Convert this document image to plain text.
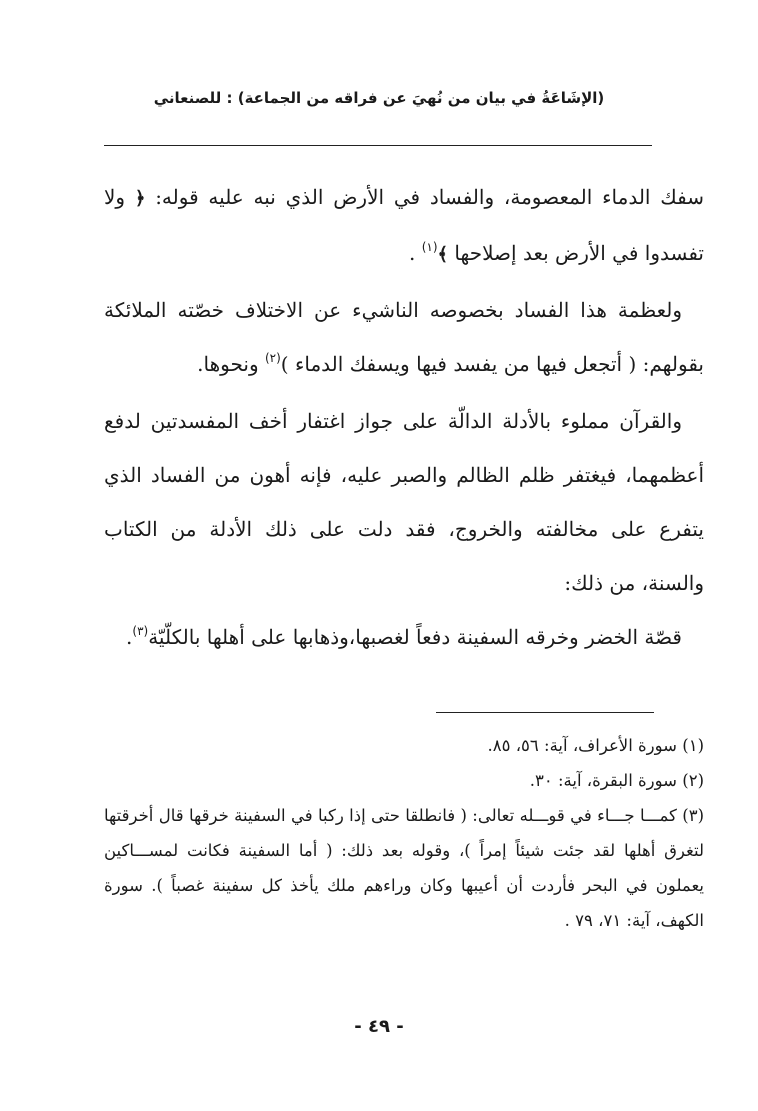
(الإشَاعَةُ في بيان من نُهيَ عن فراقه من الجماعة) : للصنعاني

سفك الدماء المعصومة، والفساد في الأرض الذي نبه عليه قوله: ﴿ ولا تفسدوا في الأرض بعد إصلاحها ﴾$^{(١)}$ .

ولعظمة هذا الفساد بخصوصه الناشيء عن الاختلاف خصّته الملائكة بقولهم: ( أتجعل فيها من يفسد فيها ويسفك الدماء )$^{(٢)}$ ونحوها.

والقرآن مملوء بالأدلة الدالّة على جواز اغتفار أخف المفسدتين لدفع أعظمهما، فيغتفر ظلم الظالم والصبر عليه، فإنه أهون من الفساد الذي يتفرع على مخالفته والخروج، فقد دلت على ذلك الأدلة من الكتاب والسنة، من ذلك:

قصّة الخضر وخرقه السفينة دفعاً لغصبها،وذهابها على أهلها بالكلّيّة$^{(٣)}$.

(١) سورة الأعراف، آية: ٥٦، ٨٥.

(٢) سورة البقرة، آية: ٣٠.

(٣) كمـــا جـــاء في قوـــله تعالى: ( فانطلقا حتى إذا ركبا في السفينة خرقها قال أخرقتها لتغرق أهلها لقد جئت شيئاً إمراً )، وقوله بعد ذلك: ( أما السفينة فكانت لمســـاكين يعملون في البحر فأردت أن أعيبها وكان وراءهم ملك يأخذ كل سفينة غصباً ). سورة الكهف، آية: ٧١، ٧٩ .

- ٤٩ -
